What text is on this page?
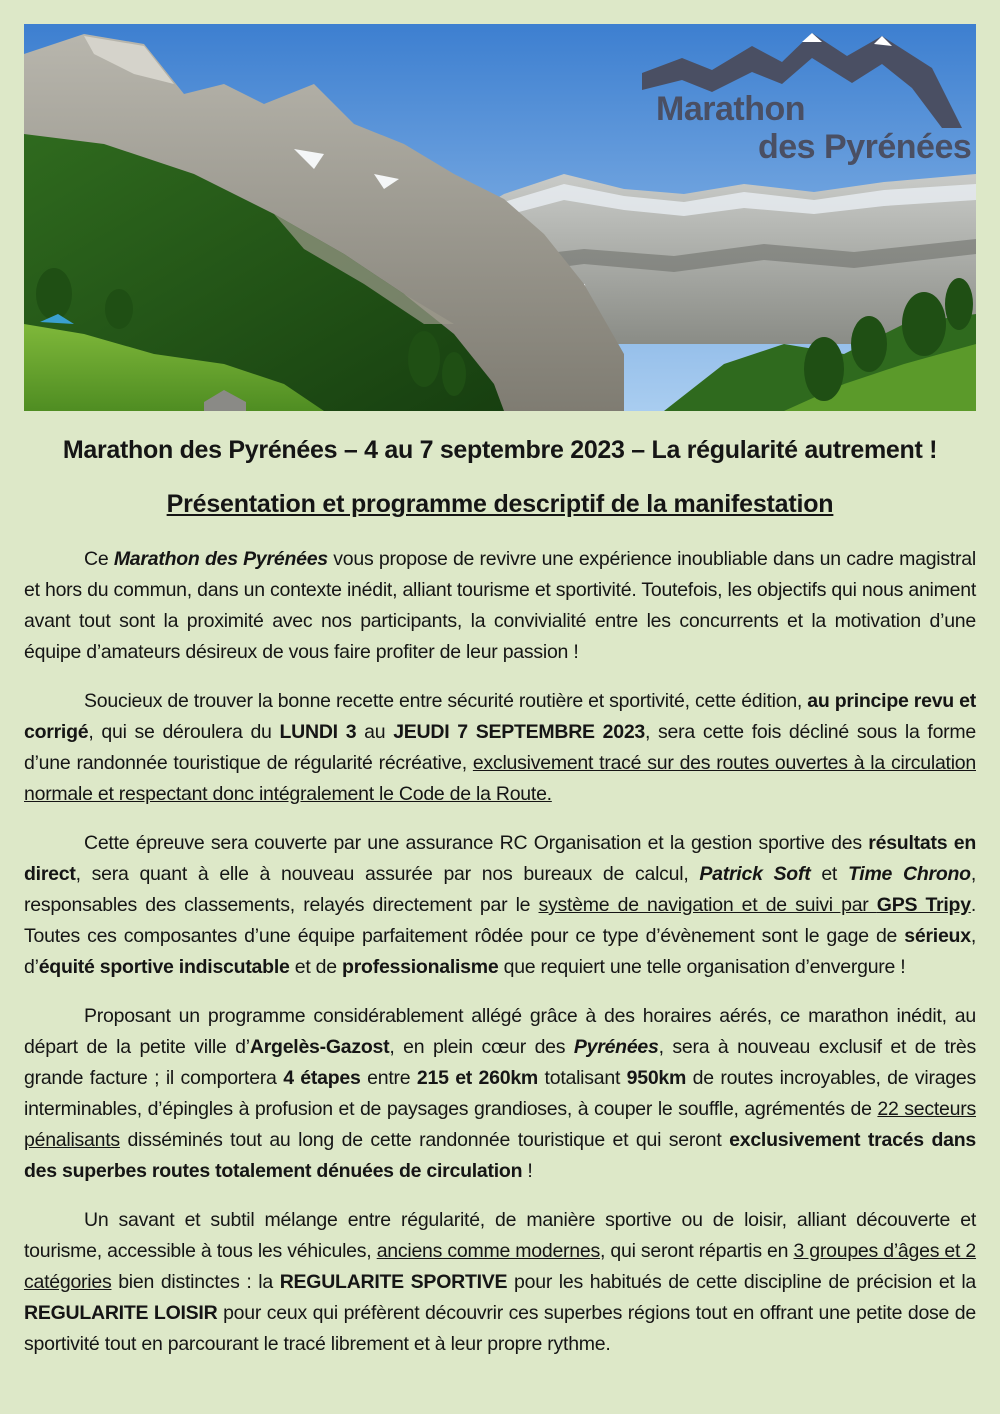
Marathon
des Pyrénées
Marathon des Pyrénées – 4 au 7 septembre 2023 – La régularité autrement !
Présentation et programme descriptif de la manifestation

Ce Marathon des Pyrénées vous propose de revivre une expérience inoubliable dans un cadre magistral et hors du commun, dans un contexte inédit, alliant tourisme et sportivité. Toutefois, les objectifs qui nous animent avant tout sont la proximité avec nos participants, la convivialité entre les concurrents et la motivation d’une équipe d’amateurs désireux de vous faire profiter de leur passion !

Soucieux de trouver la bonne recette entre sécurité routière et sportivité, cette édition, au principe revu et corrigé, qui se déroulera du LUNDI 3 au JEUDI 7 SEPTEMBRE 2023, sera cette fois décliné sous la forme d’une randonnée touristique de régularité récréative, exclusivement tracé sur des routes ouvertes à la circulation normale et respectant donc intégralement le Code de la Route.

Cette épreuve sera couverte par une assurance RC Organisation et la gestion sportive des résultats en direct, sera quant à elle à nouveau assurée par nos bureaux de calcul, Patrick Soft et Time Chrono, responsables des classements, relayés directement par le système de navigation et de suivi par GPS Tripy. Toutes ces composantes d’une équipe parfaitement rôdée pour ce type d’évènement sont le gage de sérieux, d’équité sportive indiscutable et de professionalisme que requiert une telle organisation d’envergure !

Proposant un programme considérablement allégé grâce à des horaires aérés, ce marathon inédit, au départ de la petite ville d’Argelès-Gazost, en plein cœur des Pyrénées, sera à nouveau exclusif et de très grande facture ; il comportera 4 étapes entre 215 et 260km totalisant 950km de routes incroyables, de virages interminables, d’épingles à profusion et de paysages grandioses, à couper le souffle, agrémentés de 22 secteurs pénalisants disséminés tout au long de cette randonnée touristique et qui seront exclusivement tracés dans des superbes routes totalement dénuées de circulation !

Un savant et subtil mélange entre régularité, de manière sportive ou de loisir, alliant découverte et tourisme, accessible à tous les véhicules, anciens comme modernes, qui seront répartis en 3 groupes d’âges et 2 catégories bien distinctes : la REGULARITE SPORTIVE pour les habitués de cette discipline de précision et la REGULARITE LOISIR pour ceux qui préfèrent découvrir ces superbes régions tout en offrant une petite dose de sportivité tout en parcourant le tracé librement et à leur propre rythme.
